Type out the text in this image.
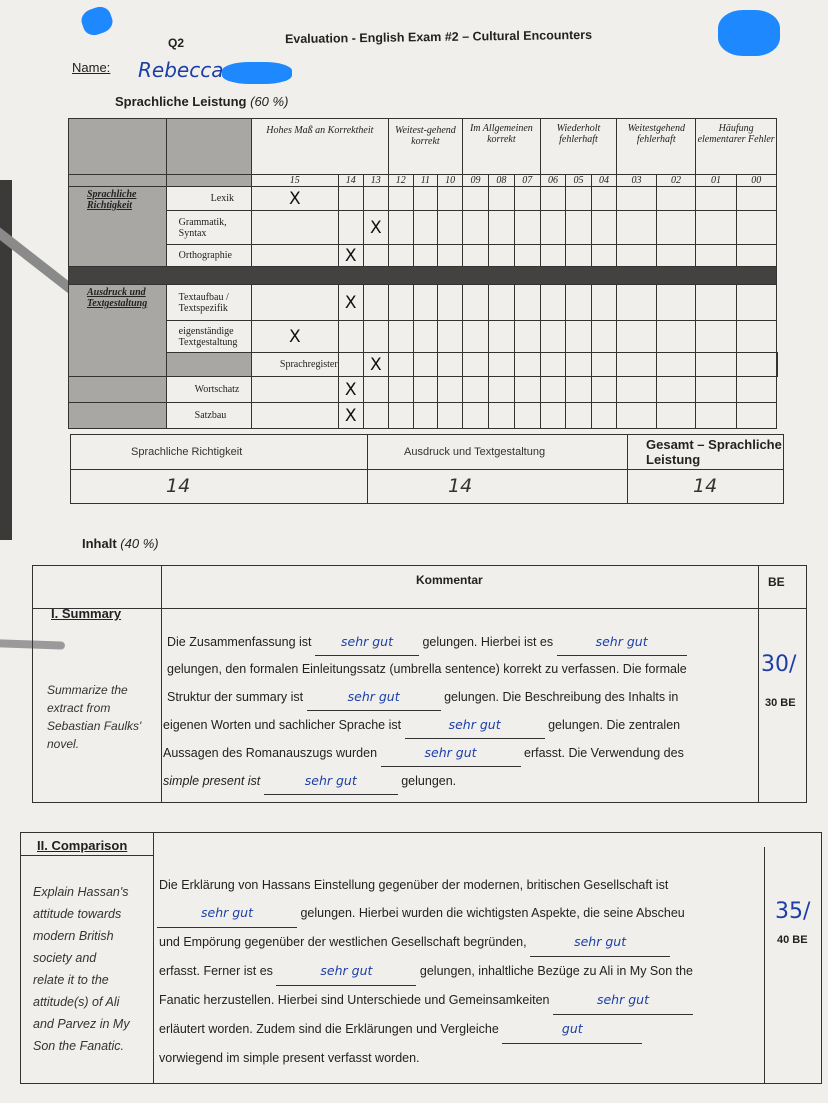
Q2	Evaluation - English Exam #2 – Cultural Encounters
Name: Rebecca
Sprachliche Leistung (60 %)
		Hohes Maß an Korrektheit			Weitest-gehend korrekt			Im Allgemeinen korrekt			Wiederholt fehlerhaft			Weitestgehend fehlerhaft		Häufung elementarer Fehler		
		15	14	13	12	11	10	09	08	07	06	05	04	03	02	01	00	
Sprachliche Richtigkeit	Lexik	X																
	Grammatik, Syntax			X														
	Orthographie		X															

Ausdruck und Textgestaltung	Textaufbau / Textspezifik		X															
	eigenständige Textgestaltung	X																
		Sprachregister		X														
	Wortschatz		X															
	Satzbau		X															
Sprachliche Richtigkeit	Ausdruck und Textgestaltung	Gesamt – Sprachliche Leistung
14	14	14
Inhalt (40 %)
Kommentar	BE
I. Summary
Summarize the
extract from
Sebastian Faulks'
novel.
30/
30 BE
Die Zusammenfassung ist sehr gut gelungen. Hierbei ist es	sehr gut
gelungen, den formalen Einleitungssatz (umbrella sentence) korrekt zu verfassen. Die formale
Struktur der summary ist	sehr gut	gelungen. Die Beschreibung des Inhalts in
eigenen Worten und sachlicher Sprache ist	sehr gut	gelungen. Die zentralen
Aussagen des Romanauszugs wurden	sehr gut	erfasst. Die Verwendung des
simple present ist	sehr gut	gelungen.
II. Comparison
Explain Hassan's
attitude towards
modern British
society and
relate it to the
attitude(s) of Ali
and Parvez in My
Son the Fanatic.
35/
40 BE
Die Erklärung von Hassans Einstellung gegenüber der modernen, britischen Gesellschaft ist
sehr gut	gelungen. Hierbei wurden die wichtigsten Aspekte, die seine Abscheu
und Empörung gegenüber der westlichen Gesellschaft begründen,	sehr gut
erfasst. Ferner ist es	sehr gut	gelungen, inhaltliche Bezüge zu Ali in My Son the
Fanatic herzustellen. Hierbei sind Unterschiede und Gemeinsamkeiten	sehr gut
erläutert worden. Zudem sind die Erklärungen und Vergleiche	gut
vorwiegend im simple present verfasst worden.
